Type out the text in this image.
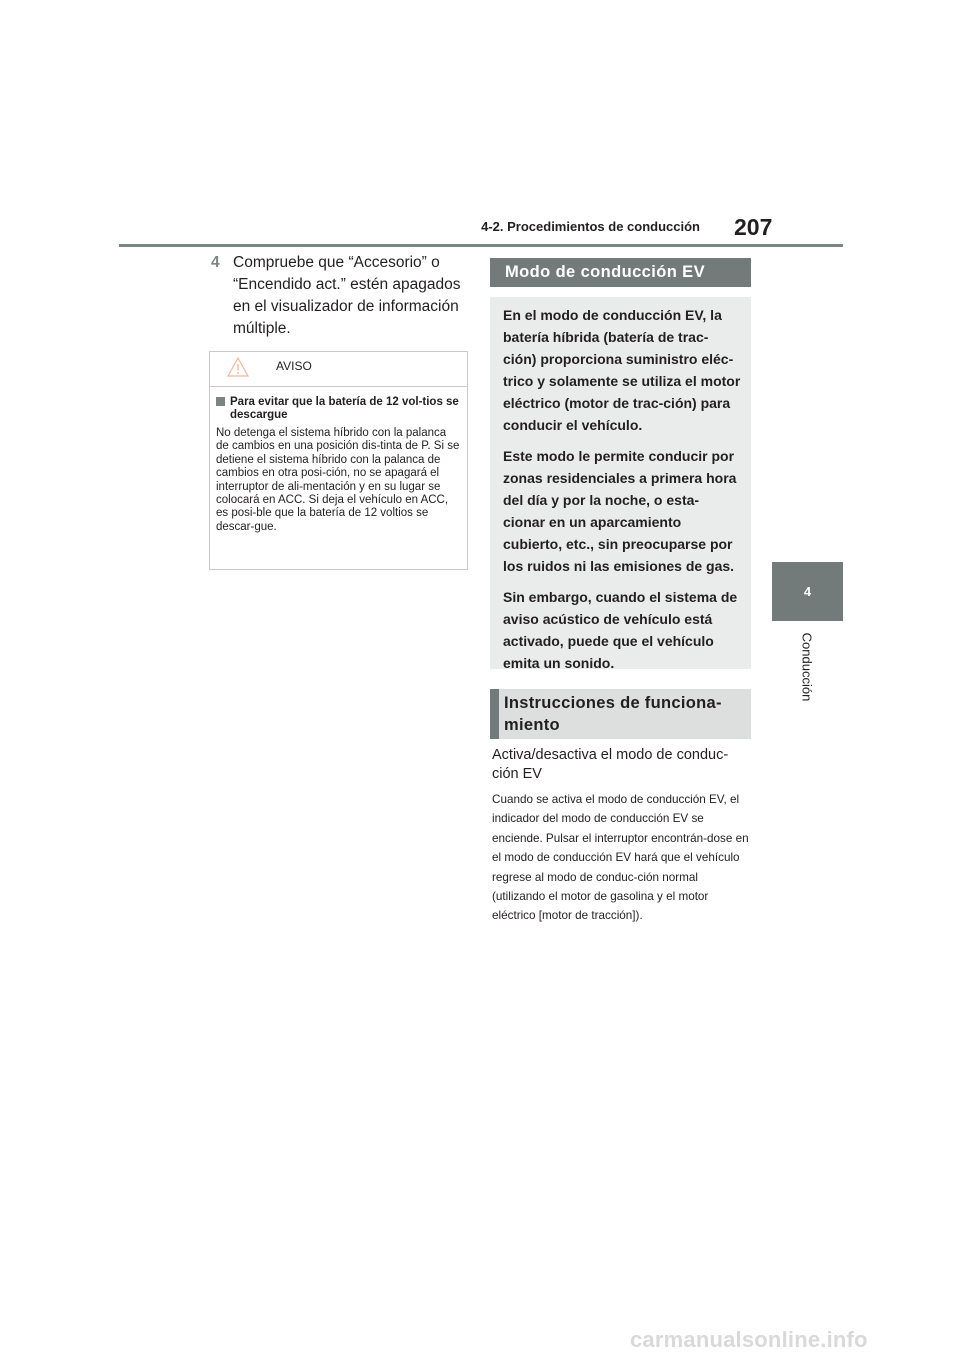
4-2. Procedimientos de conducción 207
4
Conducción
4 Compruebe que “Accesorio” o “Encendido act.” estén apagados en el visualizador de información múltiple.
AVISO
Para evitar que la batería de 12 vol-tios se descargue
No detenga el sistema híbrido con la palanca de cambios en una posición dis-tinta de P. Si se detiene el sistema híbrido con la palanca de cambios en otra posi-ción, no se apagará el interruptor de ali-mentación y en su lugar se colocará en ACC. Si deja el vehículo en ACC, es posi-ble que la batería de 12 voltios se descar-gue.
Modo de conducción EV

En el modo de conducción EV, la batería híbrida (batería de trac-ción) proporciona suministro eléc-trico y solamente se utiliza el motor eléctrico (motor de trac-ción) para conducir el vehículo.

Este modo le permite conducir por zonas residenciales a primera hora del día y por la noche, o esta-cionar en un aparcamiento cubierto, etc., sin preocuparse por los ruidos ni las emisiones de gas.

Sin embargo, cuando el sistema de aviso acústico de vehículo está activado, puede que el vehículo emita un sonido.

Instrucciones de funciona-miento
Activa/desactiva el modo de conduc-ción EV
Cuando se activa el modo de conducción EV, el indicador del modo de conducción EV se enciende. Pulsar el interruptor encontrán-dose en el modo de conducción EV hará que el vehículo regrese al modo de conduc-ción normal (utilizando el motor de gasolina y el motor eléctrico [motor de tracción]).
carmanualsonline.info
